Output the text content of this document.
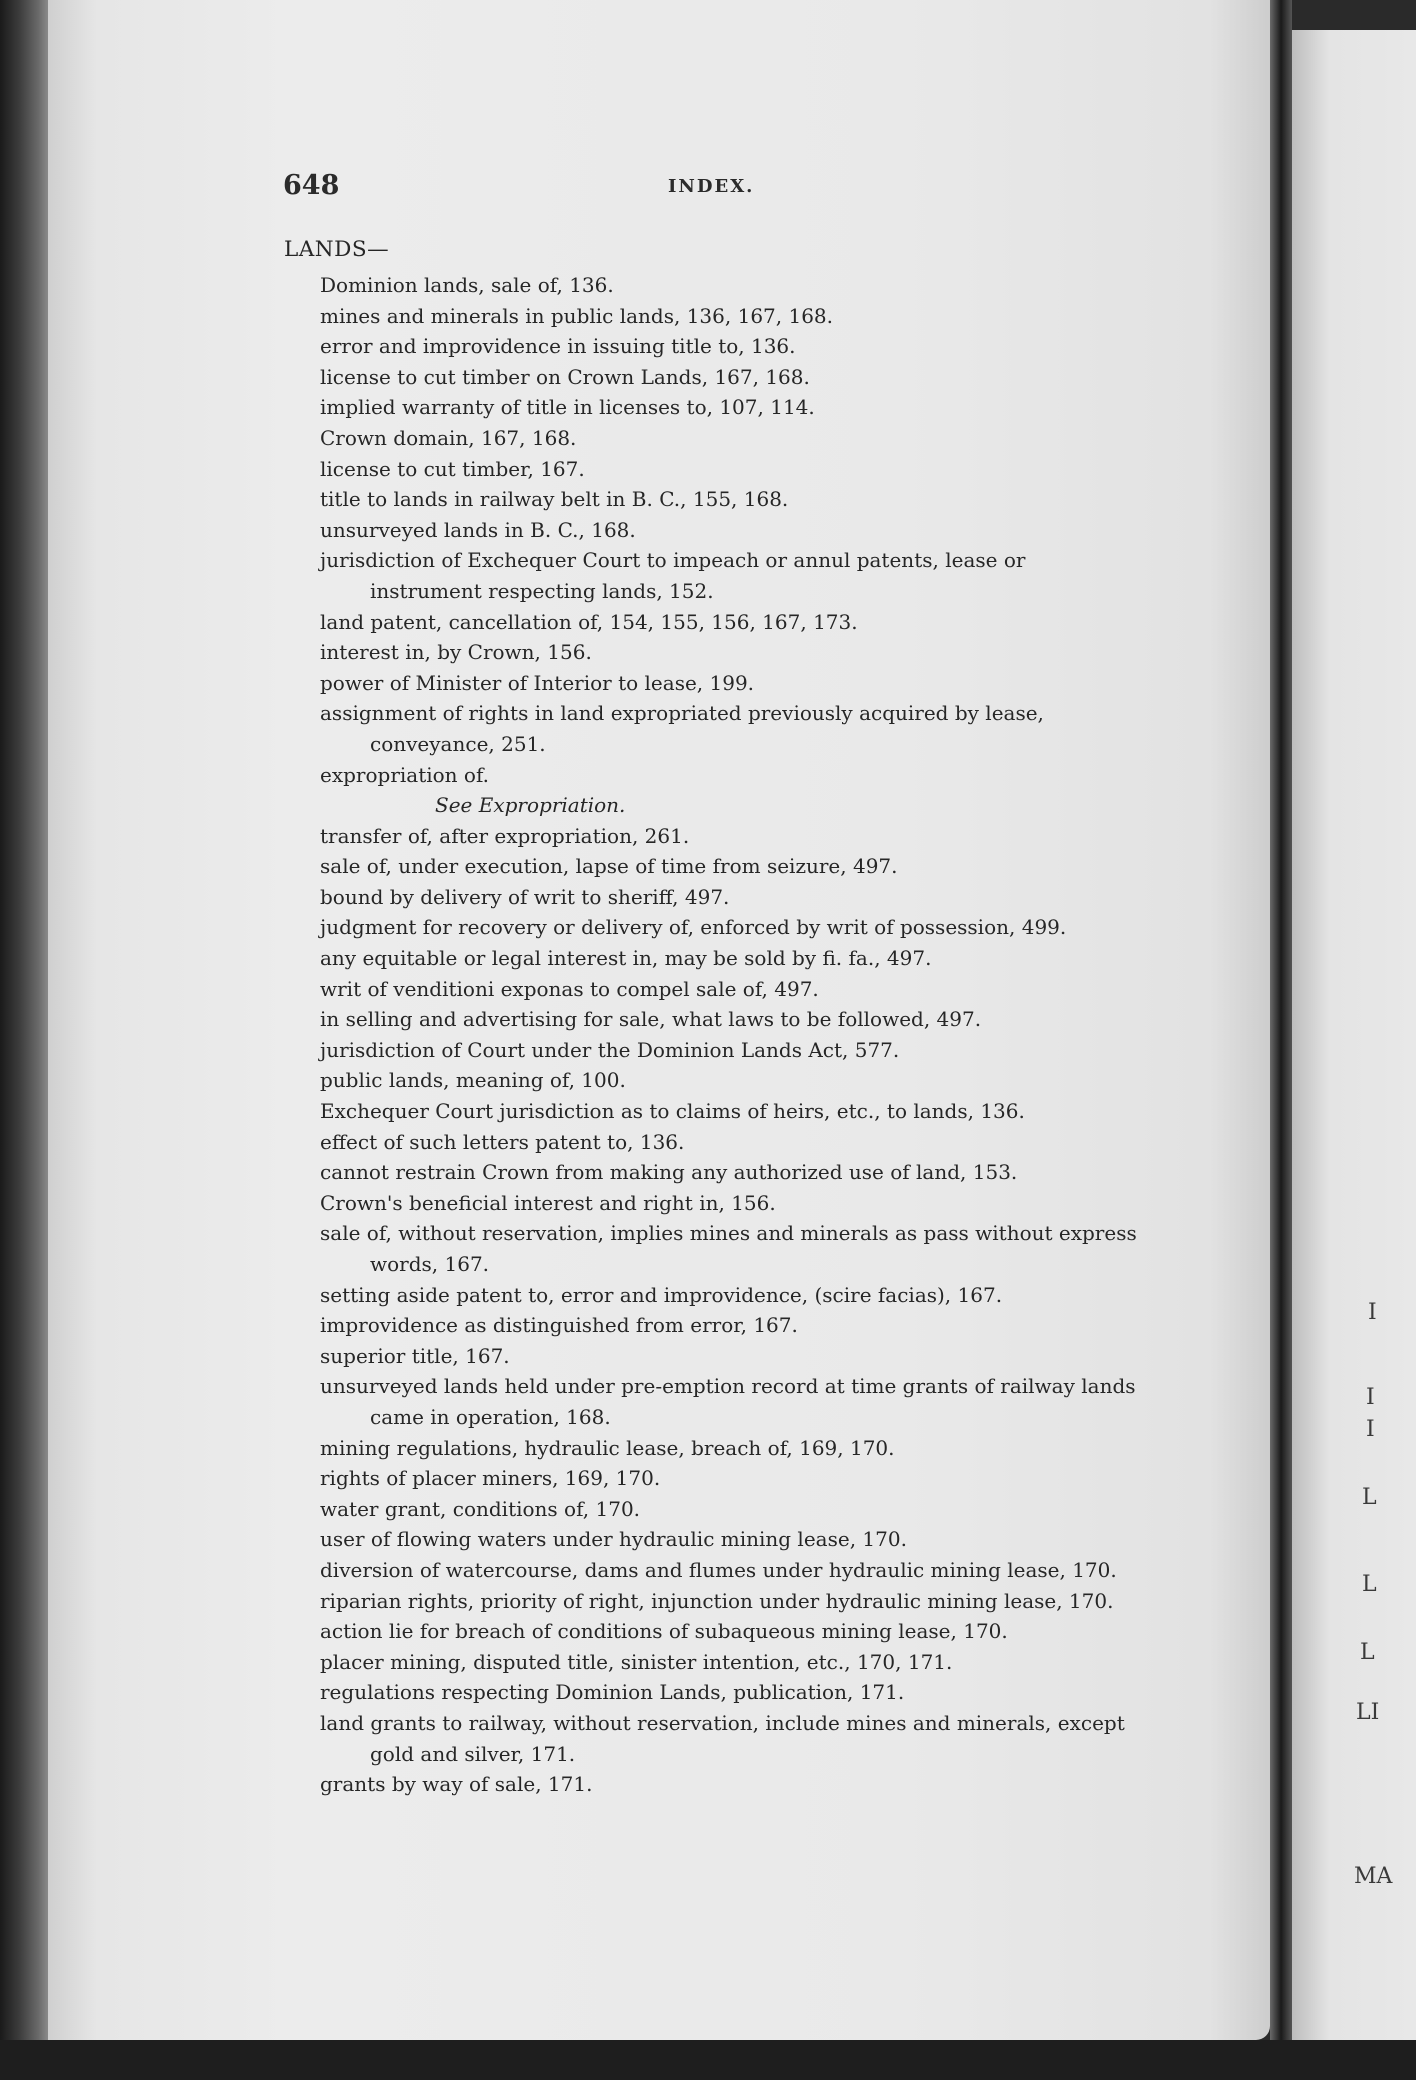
648	INDEX.
LANDS—
Dominion lands, sale of, 136.
mines and minerals in public lands, 136, 167, 168.
error and improvidence in issuing title to, 136.
license to cut timber on Crown Lands, 167, 168.
implied warranty of title in licenses to, 107, 114.
Crown domain, 167, 168.
license to cut timber, 167.
title to lands in railway belt in B. C., 155, 168.
unsurveyed lands in B. C., 168.
jurisdiction of Exchequer Court to impeach or annul patents, lease or instrument respecting lands, 152.
land patent, cancellation of, 154, 155, 156, 167, 173.
interest in, by Crown, 156.
power of Minister of Interior to lease, 199.
assignment of rights in land expropriated previously acquired by lease, conveyance, 251.
expropriation of.
See Expropriation.
transfer of, after expropriation, 261.
sale of, under execution, lapse of time from seizure, 497.
bound by delivery of writ to sheriff, 497.
judgment for recovery or delivery of, enforced by writ of possession, 499.
any equitable or legal interest in, may be sold by fi. fa., 497.
writ of venditioni exponas to compel sale of, 497.
in selling and advertising for sale, what laws to be followed, 497.
jurisdiction of Court under the Dominion Lands Act, 577.
public lands, meaning of, 100.
Exchequer Court jurisdiction as to claims of heirs, etc., to lands, 136.
effect of such letters patent to, 136.
cannot restrain Crown from making any authorized use of land, 153.
Crown's beneficial interest and right in, 156.
sale of, without reservation, implies mines and minerals as pass without express words, 167.
setting aside patent to, error and improvidence, (scire facias), 167.
improvidence as distinguished from error, 167.
superior title, 167.
unsurveyed lands held under pre-emption record at time grants of railway lands came in operation, 168.
mining regulations, hydraulic lease, breach of, 169, 170.
rights of placer miners, 169, 170.
water grant, conditions of, 170.
user of flowing waters under hydraulic mining lease, 170.
diversion of watercourse, dams and flumes under hydraulic mining lease, 170.
riparian rights, priority of right, injunction under hydraulic mining lease, 170.
action lie for breach of conditions of subaqueous mining lease, 170.
placer mining, disputed title, sinister intention, etc., 170, 171.
regulations respecting Dominion Lands, publication, 171.
land grants to railway, without reservation, include mines and minerals, except gold and silver, 171.
grants by way of sale, 171.
I
I
I
L
L
L
LI
MA
